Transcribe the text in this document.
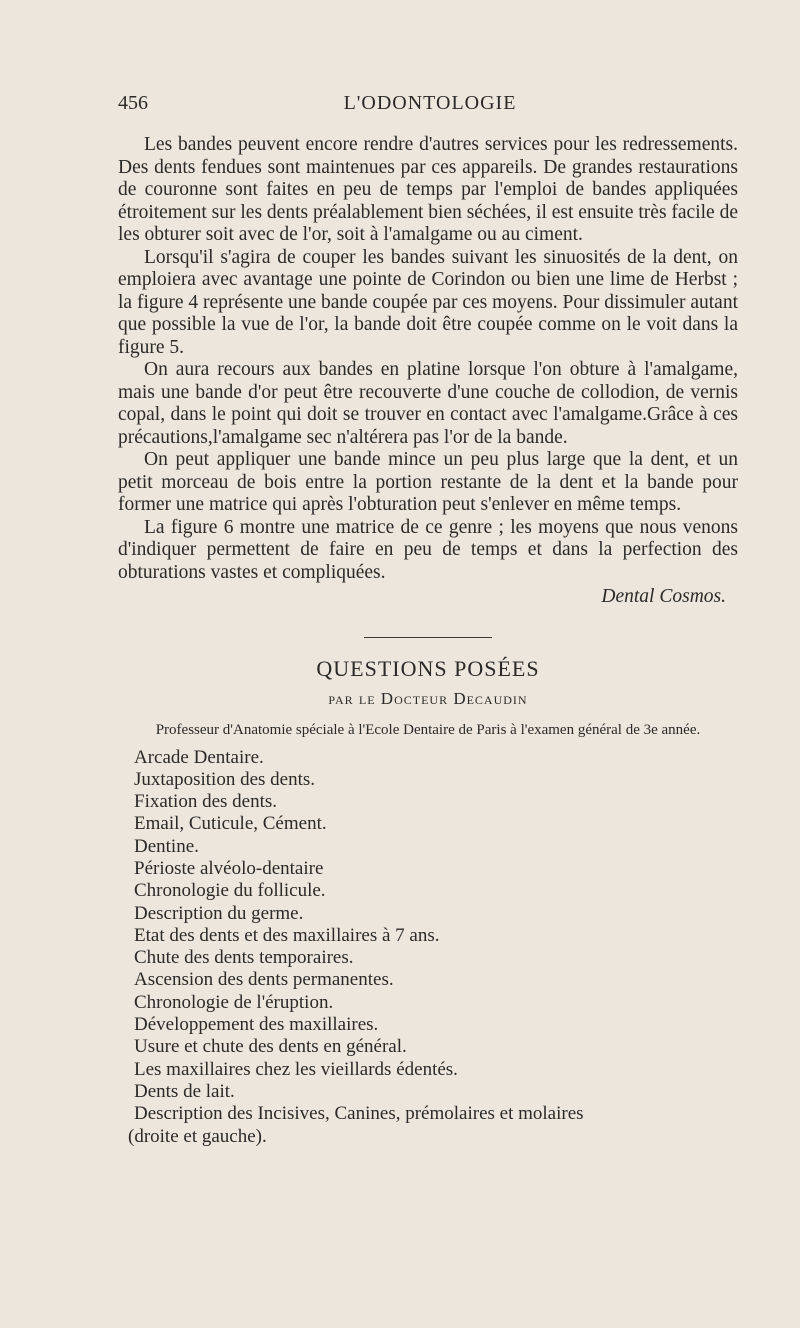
456	L'ODONTOLOGIE

Les bandes peuvent encore rendre d'autres services pour les redressements. Des dents fendues sont maintenues par ces appareils. De grandes restaurations de couronne sont faites en peu de temps par l'emploi de bandes appliquées étroitement sur les dents préalablement bien séchées, il est ensuite très facile de les obturer soit avec de l'or, soit à l'amalgame ou au ciment.

Lorsqu'il s'agira de couper les bandes suivant les sinuosités de la dent, on emploiera avec avantage une pointe de Corindon ou bien une lime de Herbst ; la figure 4 représente une bande coupée par ces moyens. Pour dissimuler autant que possible la vue de l'or, la bande doit être coupée comme on le voit dans la figure 5.

On aura recours aux bandes en platine lorsque l'on obture à l'amalgame, mais une bande d'or peut être recouverte d'une couche de collodion, de vernis copal, dans le point qui doit se trouver en contact avec l'amalgame.Grâce à ces précautions,l'amalgame sec n'altérera pas l'or de la bande.

On peut appliquer une bande mince un peu plus large que la dent, et un petit morceau de bois entre la portion restante de la dent et la bande pour former une matrice qui après l'obturation peut s'enlever en même temps.

La figure 6 montre une matrice de ce genre ; les moyens que nous venons d'indiquer permettent de faire en peu de temps et dans la perfection des obturations vastes et compliquées.

Dental Cosmos.

QUESTIONS POSÉES

par le Docteur Decaudin

Professeur d'Anatomie spéciale à l'Ecole Dentaire de Paris à l'examen général de 3e année.

Arcade Dentaire.
Juxtaposition des dents.
Fixation des dents.
Email, Cuticule, Cément.
Dentine.
Périoste alvéolo-dentaire
Chronologie du follicule.
Description du germe.
Etat des dents et des maxillaires à 7 ans.
Chute des dents temporaires.
Ascension des dents permanentes.
Chronologie de l'éruption.
Développement des maxillaires.
Usure et chute des dents en général.
Les maxillaires chez les vieillards édentés.
Dents de lait.
Description des Incisives, Canines, prémolaires et molaires
(droite et gauche).
